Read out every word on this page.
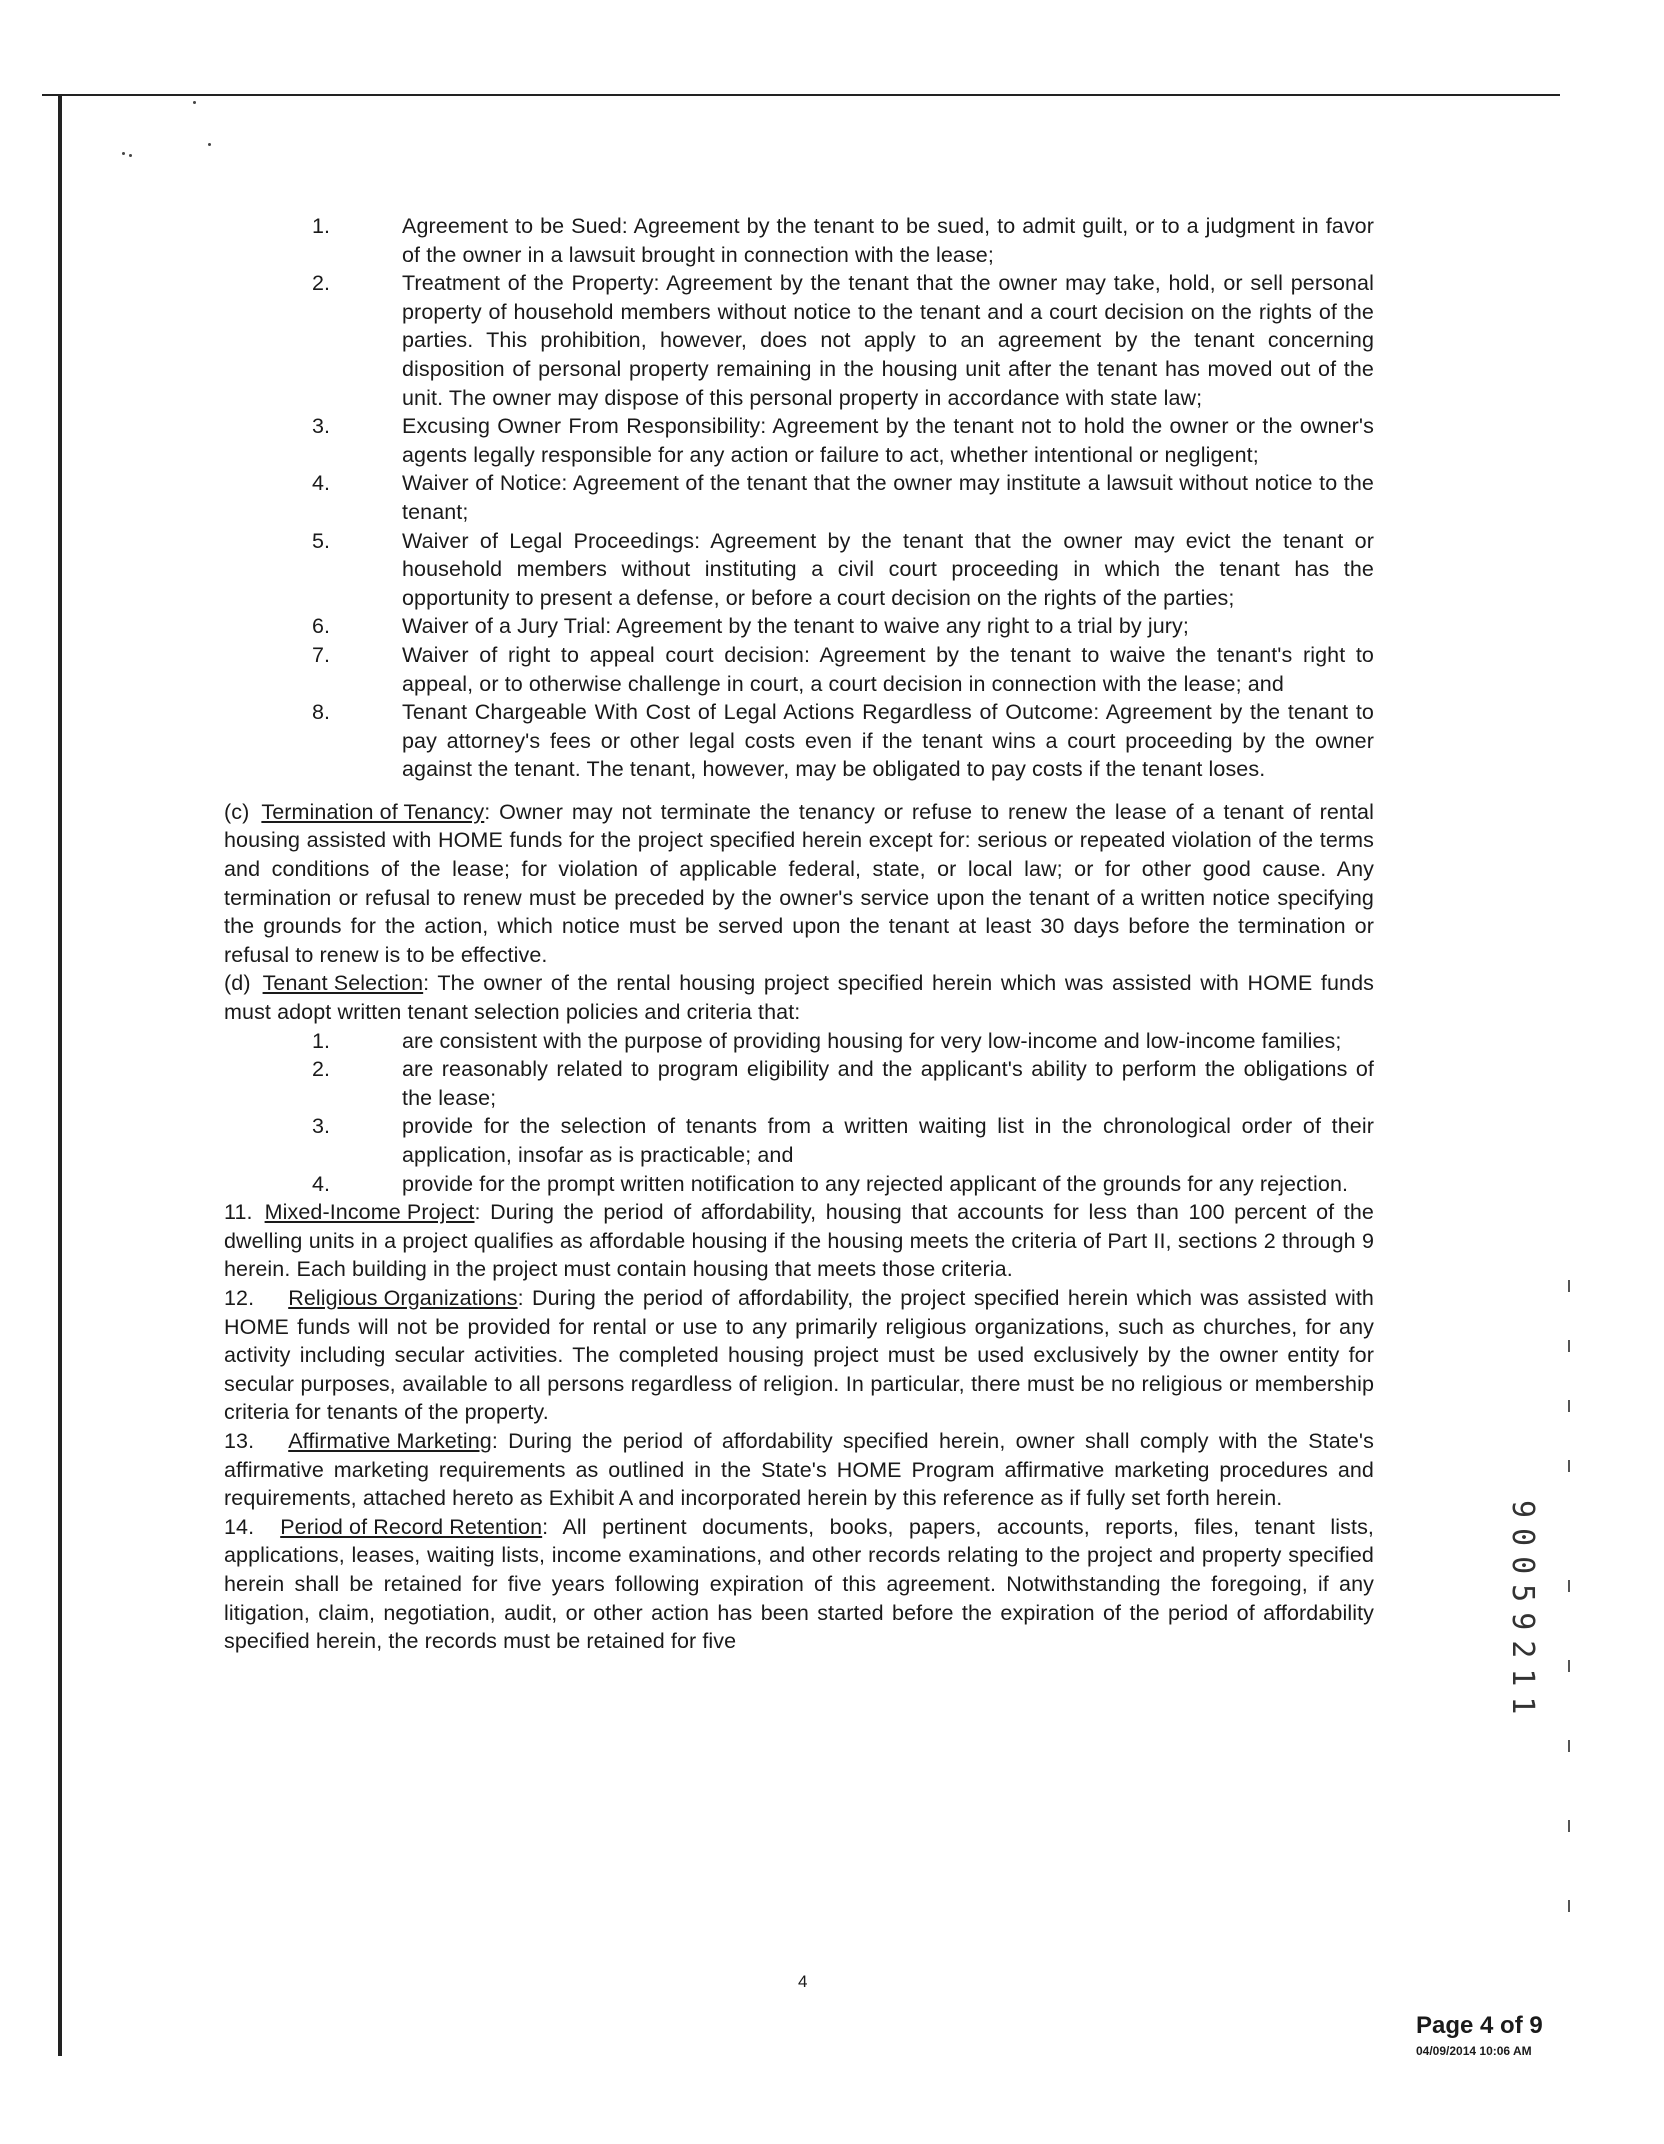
1.	Agreement to be Sued: Agreement by the tenant to be sued, to admit guilt, or to a judgment in favor of the owner in a lawsuit brought in connection with the lease;
2.	Treatment of the Property: Agreement by the tenant that the owner may take, hold, or sell personal property of household members without notice to the tenant and a court decision on the rights of the parties. This prohibition, however, does not apply to an agreement by the tenant concerning disposition of personal property remaining in the housing unit after the tenant has moved out of the unit. The owner may dispose of this personal property in accordance with state law;
3.	Excusing Owner From Responsibility: Agreement by the tenant not to hold the owner or the owner's agents legally responsible for any action or failure to act, whether intentional or negligent;
4.	Waiver of Notice: Agreement of the tenant that the owner may institute a lawsuit without notice to the tenant;
5.	Waiver of Legal Proceedings: Agreement by the tenant that the owner may evict the tenant or household members without instituting a civil court proceeding in which the tenant has the opportunity to present a defense, or before a court decision on the rights of the parties;
6.	Waiver of a Jury Trial: Agreement by the tenant to waive any right to a trial by jury;
7.	Waiver of right to appeal court decision: Agreement by the tenant to waive the tenant's right to appeal, or to otherwise challenge in court, a court decision in connection with the lease; and
8.	Tenant Chargeable With Cost of Legal Actions Regardless of Outcome: Agreement by the tenant to pay attorney's fees or other legal costs even if the tenant wins a court proceeding by the owner against the tenant. The tenant, however, may be obligated to pay costs if the tenant loses.
(c) Termination of Tenancy: Owner may not terminate the tenancy or refuse to renew the lease of a tenant of rental housing assisted with HOME funds for the project specified herein except for: serious or repeated violation of the terms and conditions of the lease; for violation of applicable federal, state, or local law; or for other good cause. Any termination or refusal to renew must be preceded by the owner's service upon the tenant of a written notice specifying the grounds for the action, which notice must be served upon the tenant at least 30 days before the termination or refusal to renew is to be effective.
(d) Tenant Selection: The owner of the rental housing project specified herein which was assisted with HOME funds must adopt written tenant selection policies and criteria that:
1.	are consistent with the purpose of providing housing for very low-income and low-income families;
2.	are reasonably related to program eligibility and the applicant's ability to perform the obligations of the lease;
3.	provide for the selection of tenants from a written waiting list in the chronological order of their application, insofar as is practicable; and
4.	provide for the prompt written notification to any rejected applicant of the grounds for any rejection.
11. Mixed-Income Project: During the period of affordability, housing that accounts for less than 100 percent of the dwelling units in a project qualifies as affordable housing if the housing meets the criteria of Part II, sections 2 through 9 herein. Each building in the project must contain housing that meets those criteria.
12. Religious Organizations: During the period of affordability, the project specified herein which was assisted with HOME funds will not be provided for rental or use to any primarily religious organizations, such as churches, for any activity including secular activities. The completed housing project must be used exclusively by the owner entity for secular purposes, available to all persons regardless of religion. In particular, there must be no religious or membership criteria for tenants of the property.
13. Affirmative Marketing: During the period of affordability specified herein, owner shall comply with the State's affirmative marketing requirements as outlined in the State's HOME Program affirmative marketing procedures and requirements, attached hereto as Exhibit A and incorporated herein by this reference as if fully set forth herein.
14. Period of Record Retention: All pertinent documents, books, papers, accounts, reports, files, tenant lists, applications, leases, waiting lists, income examinations, and other records relating to the project and property specified herein shall be retained for five years following expiration of this agreement. Notwithstanding the foregoing, if any litigation, claim, negotiation, audit, or other action has been started before the expiration of the period of affordability specified herein, the records must be retained for five
4
Page 4 of 9
04/09/2014 10:06 AM
90059211
